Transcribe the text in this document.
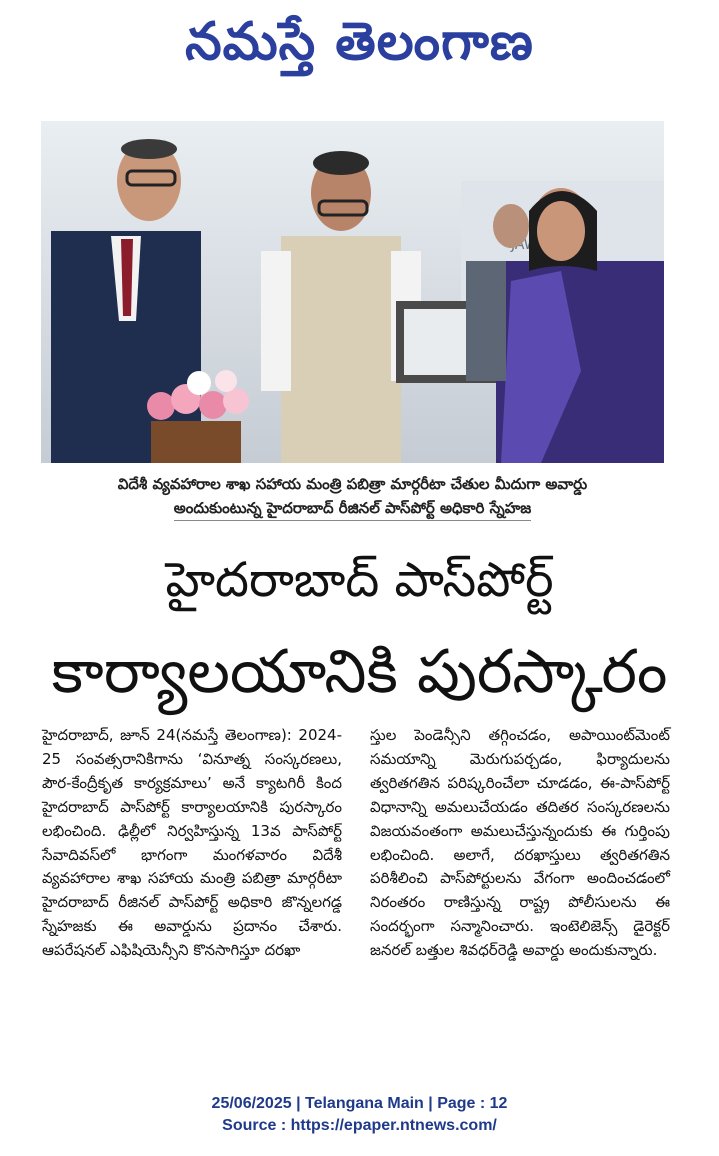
నమస్తే తెలంగాణ
విదేశీ వ్యవహారాల శాఖ సహాయ మంత్రి పబిత్రా మార్గరీటా చేతుల మీదుగా అవార్డు
అందుకుంటున్న హైదరాబాద్ రీజినల్ పాస్‌పోర్ట్ అధికారి స్నేహజ
హైదరాబాద్ పాస్‌పోర్ట్
కార్యాలయానికి పురస్కారం

హైదరాబాద్, జూన్ 24(నమస్తే తెలంగాణ): 2024-25 సంవత్సరానికిగాను ‘వినూత్న సంస్కరణలు, పౌర-కేంద్రీకృత కార్యక్రమాలు’ అనే క్యాటగిరీ కింద హైదరాబాద్ పాస్‌పోర్ట్ కార్యాలయానికి పురస్కారం లభించింది. ఢిల్లీలో నిర్వహిస్తున్న 13వ పాస్‌పోర్ట్ సేవాదివస్‌లో భాగంగా మంగళవారం విదేశీ వ్యవహారాల శాఖ సహాయ మంత్రి పబిత్రా మార్గరీటా హైదరాబాద్ రీజినల్ పాస్‌పోర్ట్ అధికారి జొన్నలగడ్డ స్నేహజకు ఈ అవార్డును ప్రదానం చేశారు. ఆపరేషనల్ ఎఫిషియెన్సీని కొనసాగిస్తూ దరఖా

స్తుల పెండెన్సీని తగ్గించడం, అపాయింట్‌మెంట్ సమయాన్ని మెరుగుపర్చడం, ఫిర్యాదులను త్వరితగతిన పరిష్కరించేలా చూడడం, ఈ-పాస్‌పోర్ట్ విధానాన్ని అమలుచేయడం తదితర సంస్కరణలను విజయవంతంగా అమలుచేస్తున్నందుకు ఈ గుర్తింపు లభించింది. అలాగే, దరఖాస్తులు త్వరితగతిన పరిశీలించి పాస్‌పోర్టులను వేగంగా అందించడంలో నిరంతరం రాణిస్తున్న రాష్ట్ర పోలీసులను ఈ సందర్భంగా సన్మానించారు. ఇంటెలిజెన్స్ డైరెక్టర్ జనరల్ బత్తుల శివధర్‌రెడ్డి అవార్డు అందుకున్నారు.

25/06/2025 | Telangana Main | Page : 12
Source : https://epaper.ntnews.com/
